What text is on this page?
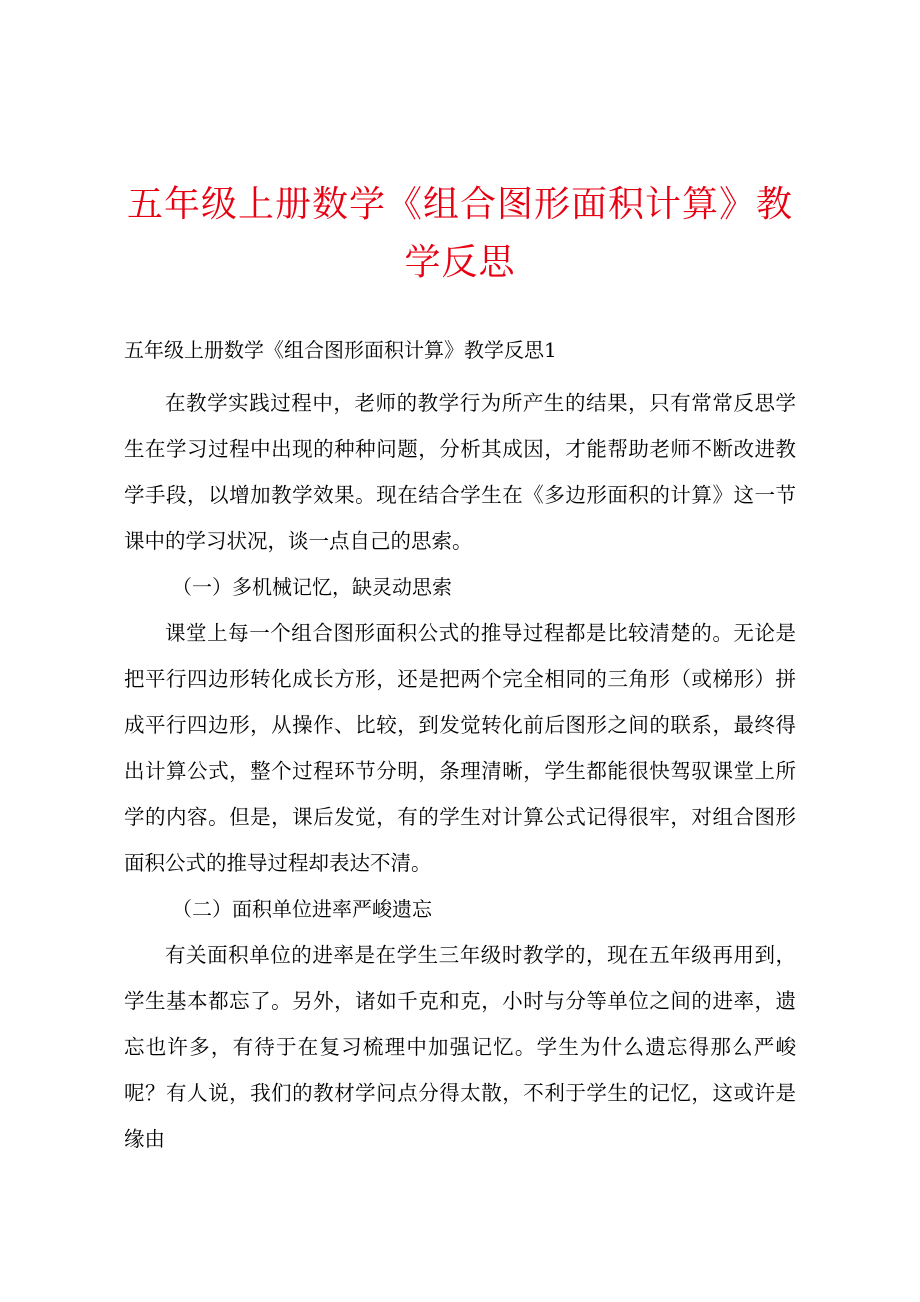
五年级上册数学《组合图形面积计算》教学反思

五年级上册数学《组合图形面积计算》教学反思1

在教学实践过程中，老师的教学行为所产生的结果，只有常常反思学生在学习过程中出现的种种问题，分析其成因，才能帮助老师不断改进教学手段，以增加教学效果。现在结合学生在《多边形面积的计算》这一节课中的学习状况，谈一点自己的思索。

（一）多机械记忆，缺灵动思索

课堂上每一个组合图形面积公式的推导过程都是比较清楚的。无论是把平行四边形转化成长方形，还是把两个完全相同的三角形（或梯形）拼成平行四边形，从操作、比较，到发觉转化前后图形之间的联系，最终得出计算公式，整个过程环节分明，条理清晰，学生都能很快驾驭课堂上所学的内容。但是，课后发觉，有的学生对计算公式记得很牢，对组合图形面积公式的推导过程却表达不清。

（二）面积单位进率严峻遗忘

有关面积单位的进率是在学生三年级时教学的，现在五年级再用到，学生基本都忘了。另外，诸如千克和克，小时与分等单位之间的进率，遗忘也许多，有待于在复习梳理中加强记忆。学生为什么遗忘得那么严峻呢？有人说，我们的教材学问点分得太散，不利于学生的记忆，这或许是缘由
